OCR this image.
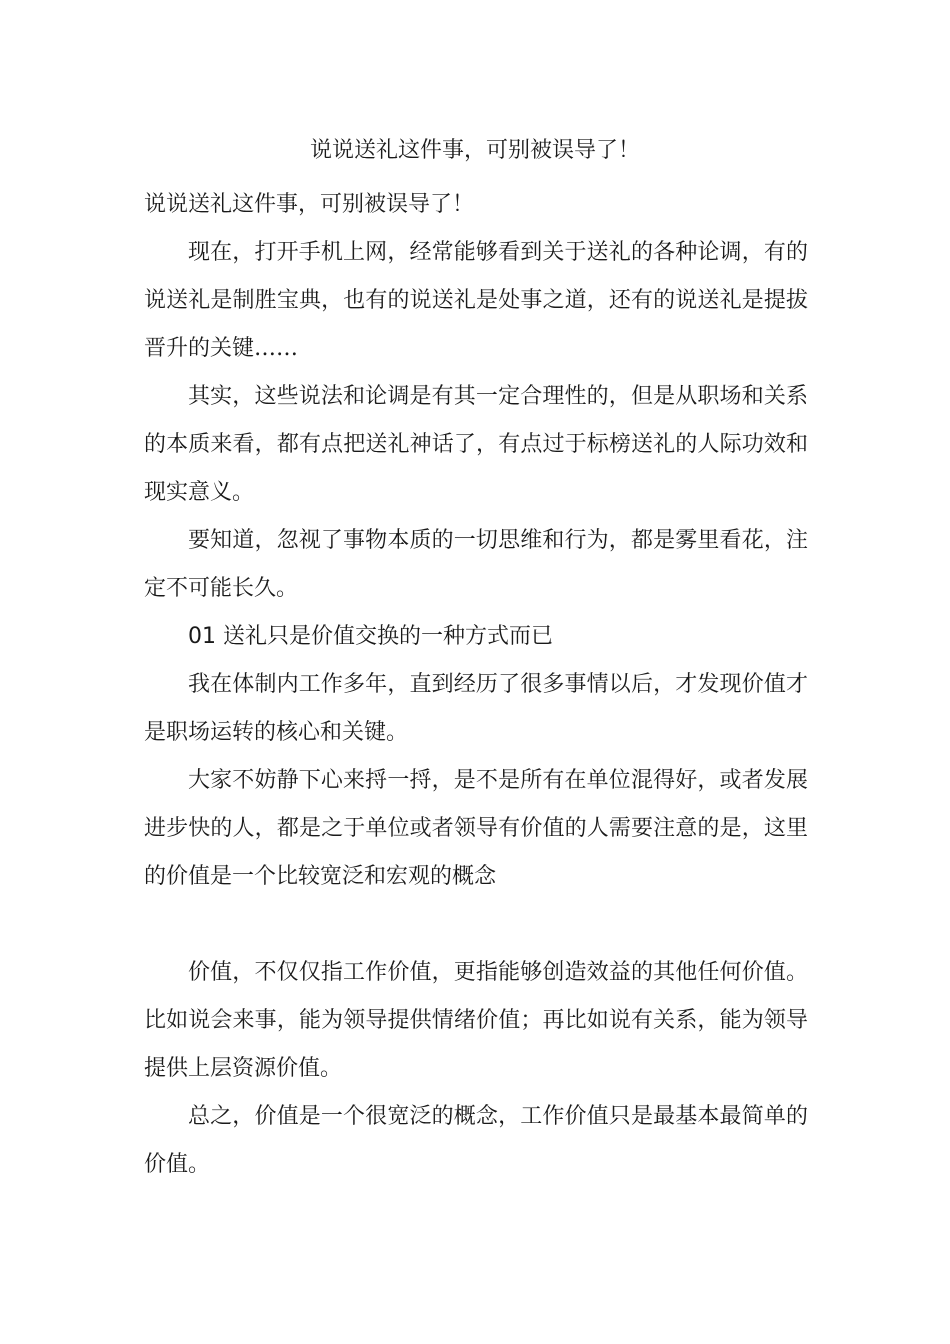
说说送礼这件事，可别被误导了！

说说送礼这件事，可别被误导了！

现在，打开手机上网，经常能够看到关于送礼的各种论调，有的说送礼是制胜宝典，也有的说送礼是处事之道，还有的说送礼是提拔晋升的关键……

其实，这些说法和论调是有其一定合理性的，但是从职场和关系的本质来看，都有点把送礼神话了，有点过于标榜送礼的人际功效和现实意义。

要知道，忽视了事物本质的一切思维和行为，都是雾里看花，注定不可能长久。

01 送礼只是价值交换的一种方式而已

我在体制内工作多年，直到经历了很多事情以后，才发现价值才是职场运转的核心和关键。

大家不妨静下心来捋一捋，是不是所有在单位混得好，或者发展进步快的人，都是之于单位或者领导有价值的人需要注意的是，这里的价值是一个比较宽泛和宏观的概念

价值，不仅仅指工作价值，更指能够创造效益的其他任何价值。比如说会来事，能为领导提供情绪价值；再比如说有关系，能为领导提供上层资源价值。

总之，价值是一个很宽泛的概念，工作价值只是最基本最简单的价值。
